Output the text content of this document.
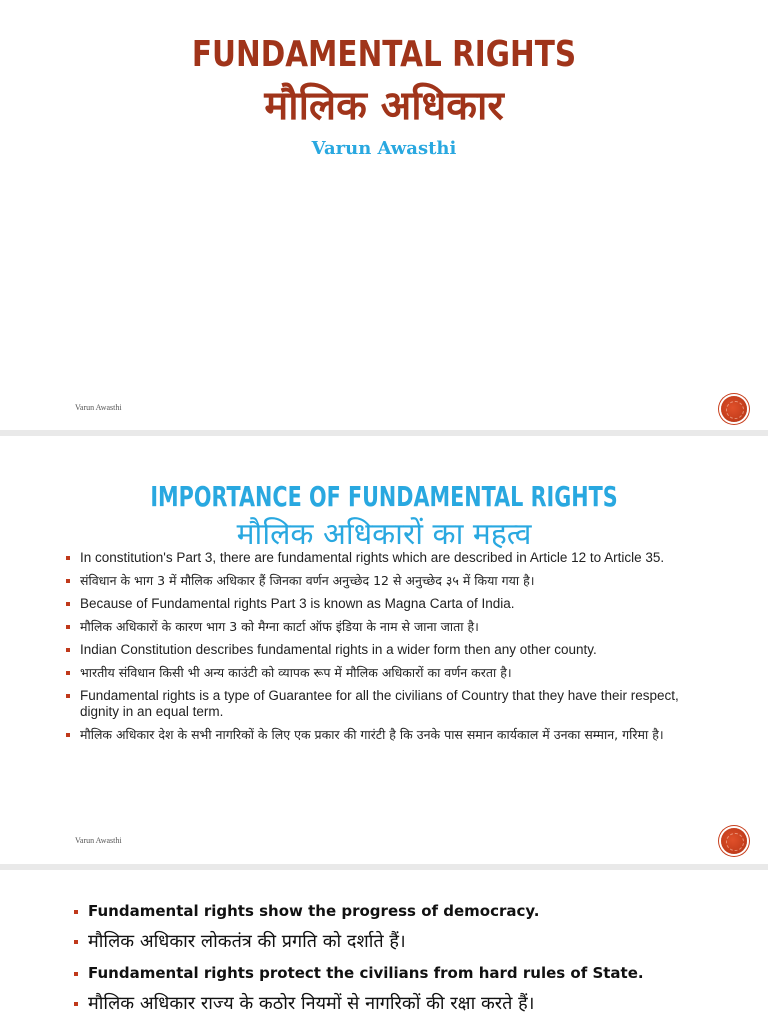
FUNDAMENTAL RIGHTS
मौलिक अधिकार
Varun Awasthi
Varun Awasthi
IMPORTANCE OF FUNDAMENTAL RIGHTS
मौलिक अधिकारों का महत्व
In constitution's Part 3, there are fundamental rights which are described in Article 12 to Article 35.
संविधान के भाग 3 में मौलिक अधिकार हैं जिनका वर्णन अनुच्छेद 12 से अनुच्छेद ३५ में किया गया है।
Because of Fundamental rights Part 3 is known as Magna Carta of India.
मौलिक अधिकारों के कारण भाग 3 को मैग्ना कार्टा ऑफ इंडिया के नाम से जाना जाता है।
Indian Constitution describes fundamental rights in a wider form then any other county.
भारतीय संविधान किसी भी अन्य काउंटी को व्यापक रूप में मौलिक अधिकारों का वर्णन करता है।
Fundamental rights is a type of Guarantee for all the civilians of Country that they have their respect, dignity in an equal term.
मौलिक अधिकार देश के सभी नागरिकों के लिए एक प्रकार की गारंटी है कि उनके पास समान कार्यकाल में उनका सम्मान, गरिमा है।
Varun Awasthi
Fundamental rights show the progress of democracy.
मौलिक अधिकार लोकतंत्र की प्रगति को दर्शाते हैं।
Fundamental rights protect the civilians from hard rules of State.
मौलिक अधिकार राज्य के कठोर नियमों से नागरिकों की रक्षा करते हैं।
